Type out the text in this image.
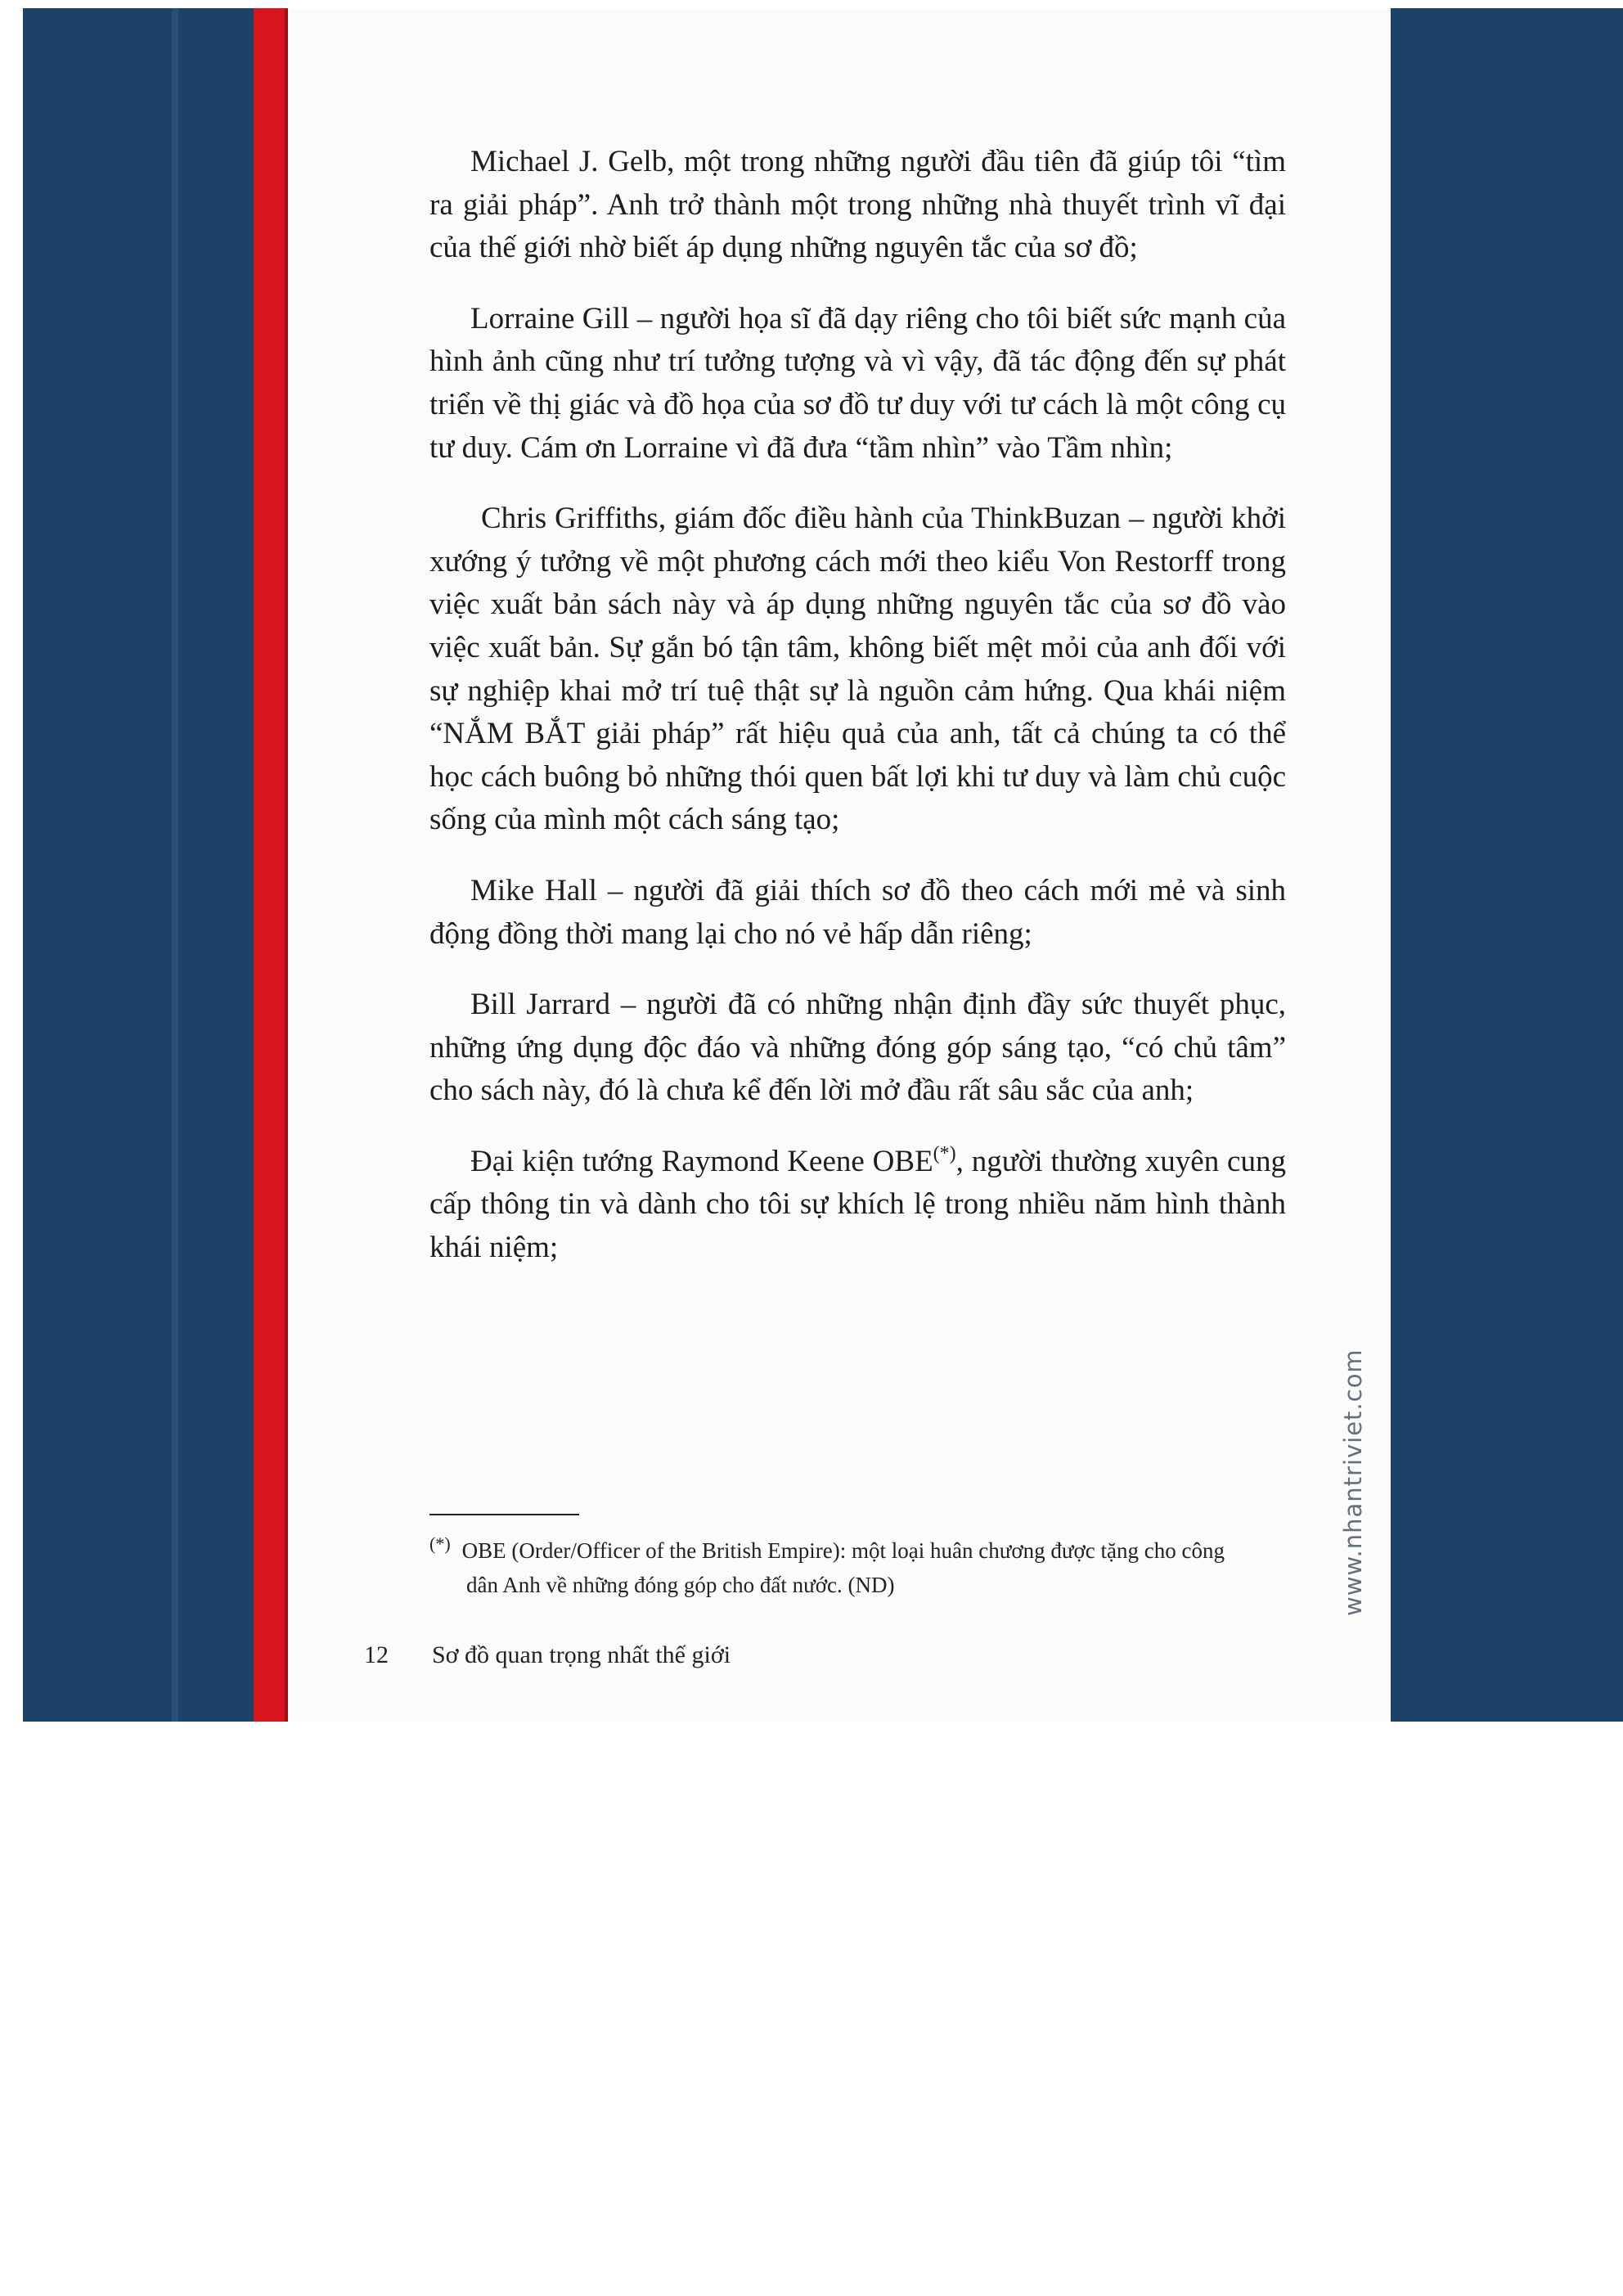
Michael J. Gelb, một trong những người đầu tiên đã giúp tôi “tìm ra giải pháp”. Anh trở thành một trong những nhà thuyết trình vĩ đại của thế giới nhờ biết áp dụng những nguyên tắc của sơ đồ;

Lorraine Gill – người họa sĩ đã dạy riêng cho tôi biết sức mạnh của hình ảnh cũng như trí tưởng tượng và vì vậy, đã tác động đến sự phát triển về thị giác và đồ họa của sơ đồ tư duy với tư cách là một công cụ tư duy. Cám ơn Lorraine vì đã đưa “tầm nhìn” vào Tầm nhìn;

Chris Griffiths, giám đốc điều hành của ThinkBuzan – người khởi xướng ý tưởng về một phương cách mới theo kiểu Von Restorff trong việc xuất bản sách này và áp dụng những nguyên tắc của sơ đồ vào việc xuất bản. Sự gắn bó tận tâm, không biết mệt mỏi của anh đối với sự nghiệp khai mở trí tuệ thật sự là nguồn cảm hứng. Qua khái niệm “NẮM BẮT giải pháp” rất hiệu quả của anh, tất cả chúng ta có thể học cách buông bỏ những thói quen bất lợi khi tư duy và làm chủ cuộc sống của mình một cách sáng tạo;

Mike Hall – người đã giải thích sơ đồ theo cách mới mẻ và sinh động đồng thời mang lại cho nó vẻ hấp dẫn riêng;

Bill Jarrard – người đã có những nhận định đầy sức thuyết phục, những ứng dụng độc đáo và những đóng góp sáng tạo, “có chủ tâm” cho sách này, đó là chưa kể đến lời mở đầu rất sâu sắc của anh;

Đại kiện tướng Raymond Keene OBE(*), người thường xuyên cung cấp thông tin và dành cho tôi sự khích lệ trong nhiều năm hình thành khái niệm;

(*) OBE (Order/Officer of the British Empire): một loại huân chương được tặng cho công
dân Anh về những đóng góp cho đất nước. (ND)
12 Sơ đồ quan trọng nhất thế giới
www.nhantriviet.com
